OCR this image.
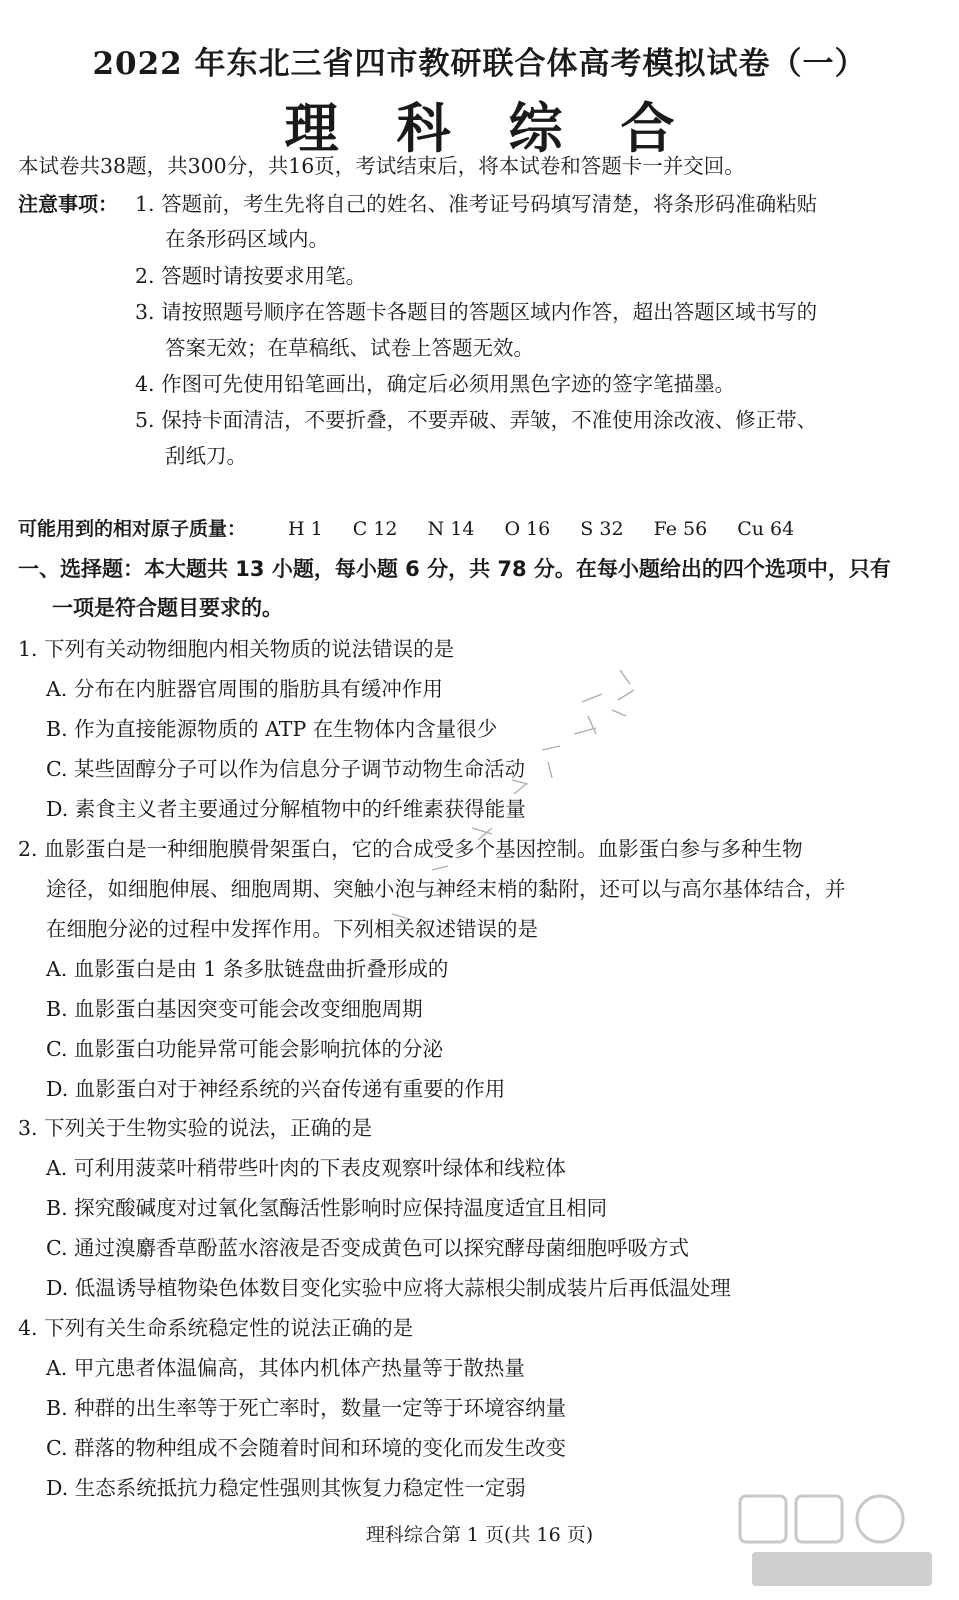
2022 年东北三省四市教研联合体高考模拟试卷（一）
理科综合
本试卷共38题，共300分，共16页，考试结束后，将本试卷和答题卡一并交回。
注意事项： 1. 答题前，考生先将自己的姓名、准考证号码填写清楚，将条形码准确粘贴
在条形码区域内。
2. 答题时请按要求用笔。
3. 请按照题号顺序在答题卡各题目的答题区域内作答，超出答题区域书写的
答案无效；在草稿纸、试卷上答题无效。
4. 作图可先使用铅笔画出，确定后必须用黑色字迹的签字笔描墨。
5. 保持卡面清洁，不要折叠，不要弄破、弄皱，不准使用涂改液、修正带、
刮纸刀。
可能用到的相对原子质量： H 1 C 12 N 14 O 16 S 32 Fe 56 Cu 64
一、选择题：本大题共 13 小题，每小题 6 分，共 78 分。在每小题给出的四个选项中，只有
一项是符合题目要求的。
1. 下列有关动物细胞内相关物质的说法错误的是
A. 分布在内脏器官周围的脂肪具有缓冲作用
B. 作为直接能源物质的 ATP 在生物体内含量很少
C. 某些固醇分子可以作为信息分子调节动物生命活动
D. 素食主义者主要通过分解植物中的纤维素获得能量
2. 血影蛋白是一种细胞膜骨架蛋白，它的合成受多个基因控制。血影蛋白参与多种生物
途径，如细胞伸展、细胞周期、突触小泡与神经末梢的黏附，还可以与高尔基体结合，并
在细胞分泌的过程中发挥作用。下列相关叙述错误的是
A. 血影蛋白是由 1 条多肽链盘曲折叠形成的
B. 血影蛋白基因突变可能会改变细胞周期
C. 血影蛋白功能异常可能会影响抗体的分泌
D. 血影蛋白对于神经系统的兴奋传递有重要的作用
3. 下列关于生物实验的说法，正确的是
A. 可利用菠菜叶稍带些叶肉的下表皮观察叶绿体和线粒体
B. 探究酸碱度对过氧化氢酶活性影响时应保持温度适宜且相同
C. 通过溴麝香草酚蓝水溶液是否变成黄色可以探究酵母菌细胞呼吸方式
D. 低温诱导植物染色体数目变化实验中应将大蒜根尖制成装片后再低温处理
4. 下列有关生命系统稳定性的说法正确的是
A. 甲亢患者体温偏高，其体内机体产热量等于散热量
B. 种群的出生率等于死亡率时，数量一定等于环境容纳量
C. 群落的物种组成不会随着时间和环境的变化而发生改变
D. 生态系统抵抗力稳定性强则其恢复力稳定性一定弱
理科综合第 1 页(共 16 页)
